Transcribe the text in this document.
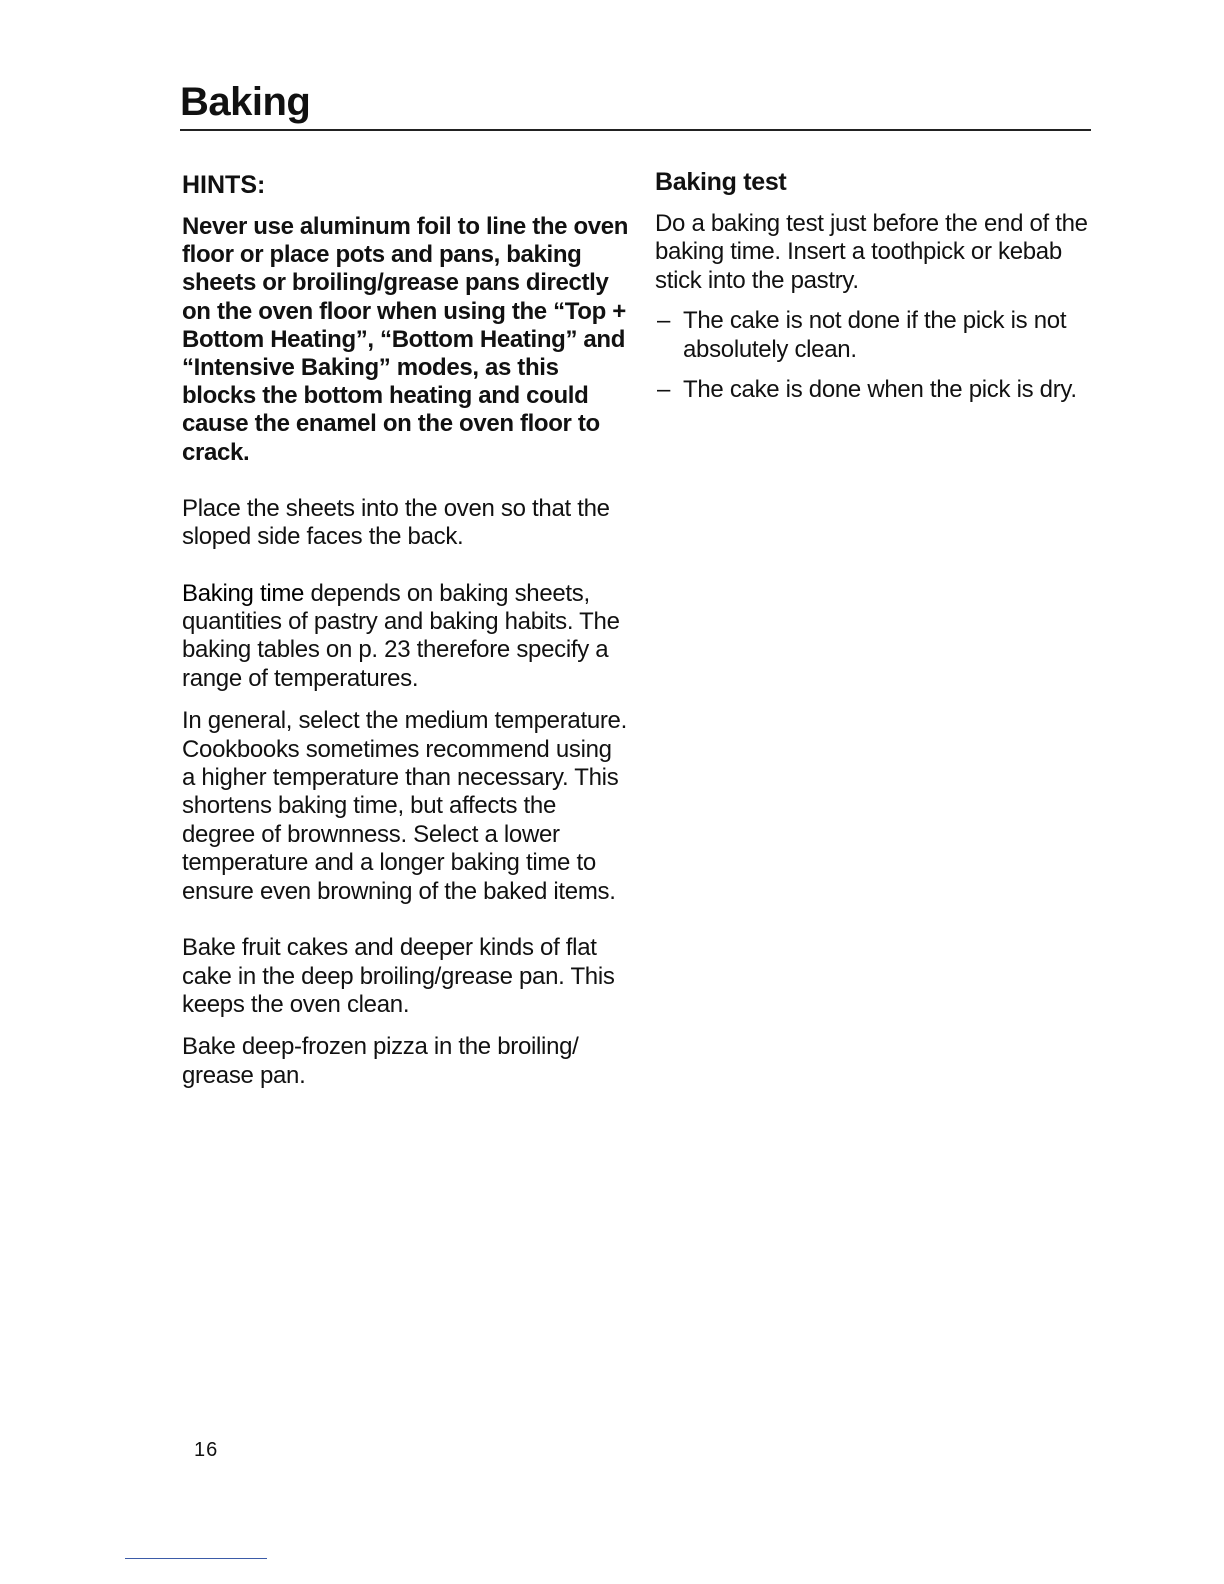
Baking
HINTS:

Never use aluminum foil to line the oven floor or place pots and pans, baking sheets or broiling/grease pans directly on the oven floor when using the “Top + Bottom Heating”, “Bottom Heating” and “Intensive Baking” modes, as this blocks the bottom heating and could cause the enamel on the oven floor to crack.

Place the sheets into the oven so that the sloped side faces the back.

Baking time depends on baking sheets, quantities of pastry and baking habits. The baking tables on p. 23 therefore specify a range of temperatures.

In general, select the medium temperature. Cookbooks sometimes recommend using a higher temperature than necessary. This shortens baking time, but affects the degree of brownness. Select a lower temperature and a longer baking time to ensure even browning of the baked items.

Bake fruit cakes and deeper kinds of flat cake in the deep broiling/grease pan. This keeps the oven clean.

Bake deep-frozen pizza in the broiling/ grease pan.

Baking test

Do a baking test just before the end of the baking time. Insert a toothpick or kebab stick into the pastry.

– The cake is not done if the pick is not absolutely clean.
– The cake is done when the pick is dry.
16
